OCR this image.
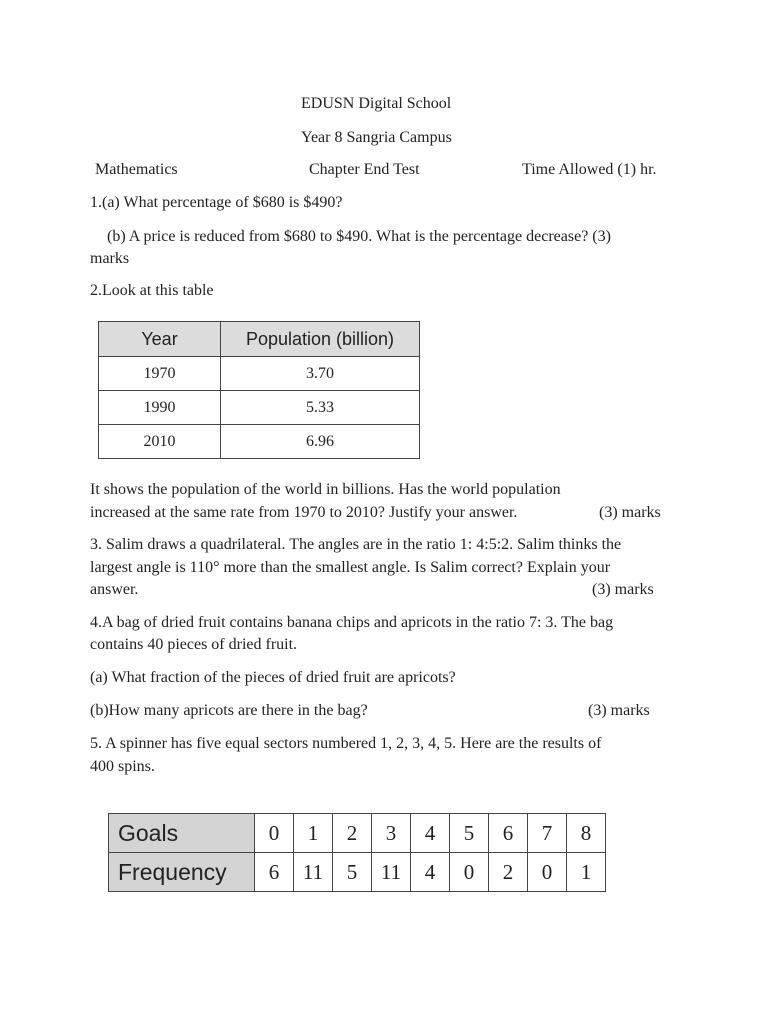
EDUSN Digital School
Year 8 Sangria Campus
Mathematics	Chapter End Test	Time Allowed (1) hr.
1.(a) What percentage of $680 is $490?
(b) A price is reduced from $680 to $490. What is the percentage decrease? (3)
marks
2.Look at this table
Year	Population (billion)
1970	3.70
1990	5.33
2010	6.96
It shows the population of the world in billions. Has the world population
increased at the same rate from 1970 to 2010? Justify your answer.	(3) marks
3. Salim draws a quadrilateral. The angles are in the ratio 1: 4:5:2. Salim thinks the
largest angle is 110° more than the smallest angle. Is Salim correct? Explain your
answer.	(3) marks
4.A bag of dried fruit contains banana chips and apricots in the ratio 7: 3. The bag
contains 40 pieces of dried fruit.
(a) What fraction of the pieces of dried fruit are apricots?
(b)How many apricots are there in the bag?	(3) marks
5. A spinner has five equal sectors numbered 1, 2, 3, 4, 5. Here are the results of
400 spins.
Goals	0	1	2	3	4	5	6	7	8
Frequency	6	11	5	11	4	0	2	0	1
